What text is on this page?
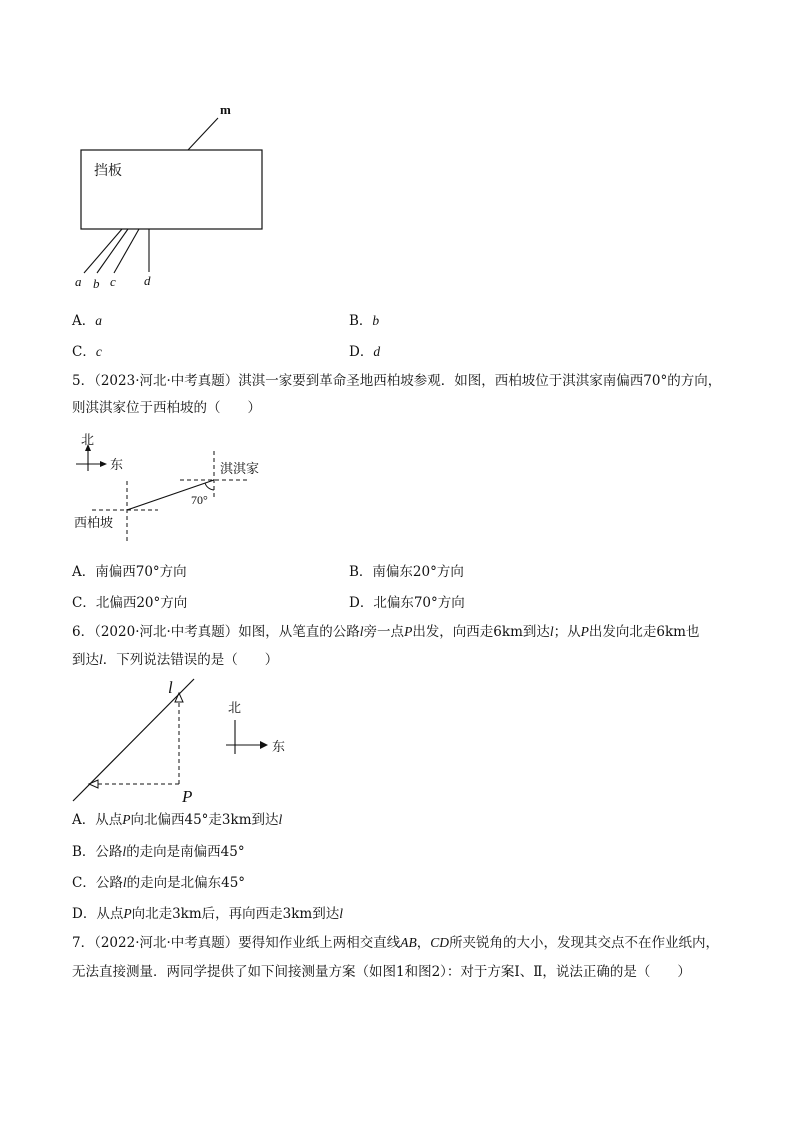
挡板
m
a b c d
A．a	B．b
C．c	D．d
5．（2023·河北·中考真题）淇淇一家要到革命圣地西柏坡参观．如图，西柏坡位于淇淇家南偏西70°的方向，
则淇淇家位于西柏坡的（　　）
北
东	淇淇家
西柏坡
70°
A．南偏西70°方向	B．南偏东20°方向
C．北偏西20°方向	D．北偏东70°方向
6．（2020·河北·中考真题）如图，从笔直的公路l旁一点P出发，向西走6km到达l；从P出发向北走6km也
到达l．下列说法错误的是（　　）
l
P
北
东
A．从点P向北偏西45°走3km到达l
B．公路l的走向是南偏西45°
C．公路l的走向是北偏东45°
D．从点P向北走3km后，再向西走3km到达l
7．（2022·河北·中考真题）要得知作业纸上两相交直线AB，CD所夹锐角的大小，发现其交点不在作业纸内，
无法直接测量．两同学提供了如下间接测量方案（如图1和图2）：对于方案Ⅰ、Ⅱ，说法正确的是（　　）
